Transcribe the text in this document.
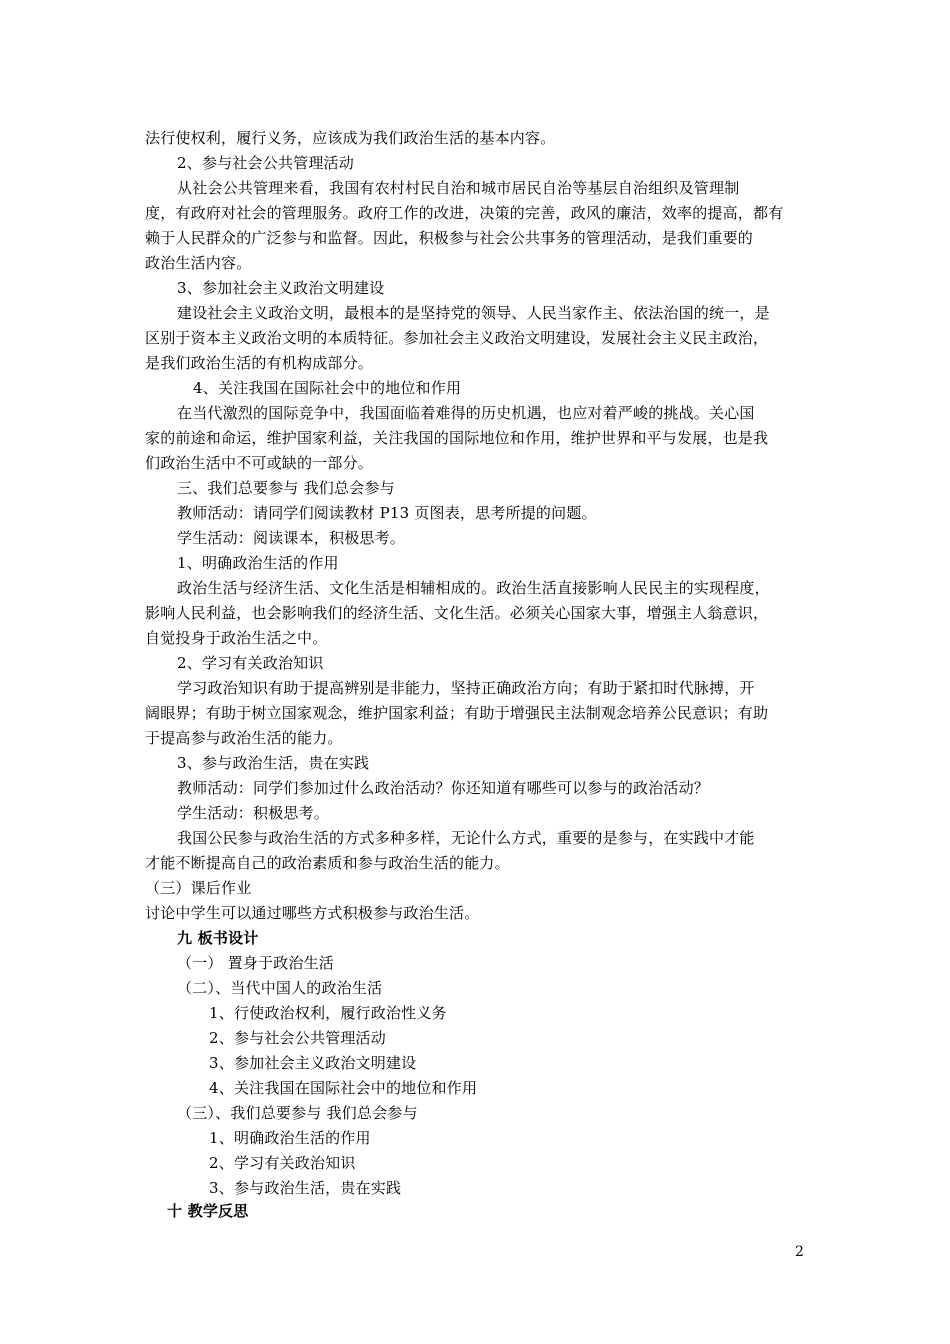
法行使权利，履行义务，应该成为我们政治生活的基本内容。
2、参与社会公共管理活动
从社会公共管理来看，我国有农村村民自治和城市居民自治等基层自治组织及管理制
度，有政府对社会的管理服务。政府工作的改进，决策的完善，政风的廉洁，效率的提高，都有
赖于人民群众的广泛参与和监督。因此，积极参与社会公共事务的管理活动，是我们重要的
政治生活内容。
3、参加社会主义政治文明建设
建设社会主义政治文明，最根本的是坚持党的领导、人民当家作主、依法治国的统一，是
区别于资本主义政治文明的本质特征。参加社会主义政治文明建设，发展社会主义民主政治，
是我们政治生活的有机构成部分。
4、关注我国在国际社会中的地位和作用
在当代激烈的国际竞争中，我国面临着难得的历史机遇，也应对着严峻的挑战。关心国
家的前途和命运，维护国家利益，关注我国的国际地位和作用，维护世界和平与发展，也是我
们政治生活中不可或缺的一部分。
三、我们总要参与 我们总会参与
教师活动：请同学们阅读教材 P13 页图表，思考所提的问题。
学生活动：阅读课本，积极思考。
1、明确政治生活的作用
政治生活与经济生活、文化生活是相辅相成的。政治生活直接影响人民民主的实现程度，
影响人民利益，也会影响我们的经济生活、文化生活。必须关心国家大事，增强主人翁意识，
自觉投身于政治生活之中。
2、学习有关政治知识
学习政治知识有助于提高辨别是非能力，坚持正确政治方向；有助于紧扣时代脉搏，开
阔眼界；有助于树立国家观念，维护国家利益；有助于增强民主法制观念培养公民意识；有助
于提高参与政治生活的能力。
3、参与政治生活，贵在实践
教师活动：同学们参加过什么政治活动？你还知道有哪些可以参与的政治活动？
学生活动：积极思考。
我国公民参与政治生活的方式多种多样，无论什么方式，重要的是参与，在实践中才能
才能不断提高自己的政治素质和参与政治生活的能力。
（三）课后作业
讨论中学生可以通过哪些方式积极参与政治生活。
九 板书设计
（一） 置身于政治生活
（二）、当代中国人的政治生活
1、行使政治权利，履行政治性义务
2、参与社会公共管理活动
3、参加社会主义政治文明建设
4、关注我国在国际社会中的地位和作用
（三）、我们总要参与 我们总会参与
1、明确政治生活的作用
2、学习有关政治知识
3、参与政治生活，贵在实践
十 教学反思
2
